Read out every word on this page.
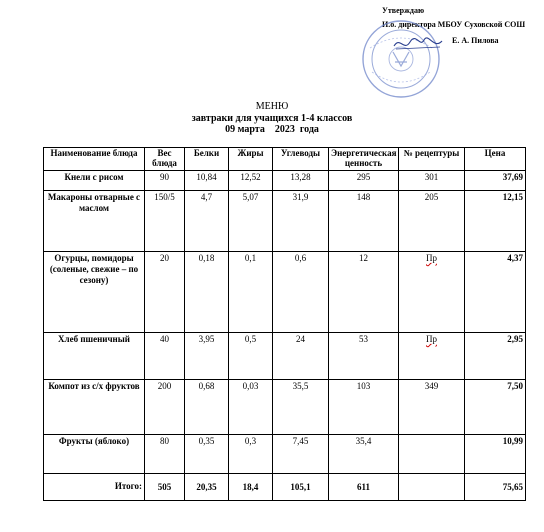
Утверждаю
И.о. директора МБОУ Суховской СОШ
Е. А. Пилова
МЕНЮ
завтраки для учащихся 1-4 классов
09 марта    2023  года
Наименование блюда	Вес блюда	Белки	Жиры	Углеводы	Энергетическая ценность	№ рецептуры	Цена
Кнели с рисом	90	10,84	12,52	13,28	295	301	37,69
Макароны отварные с маслом	150/5	4,7	5,07	31,9	148	205	12,15
Огурцы, помидоры (соленые, свежие – по сезону)	20	0,18	0,1	0,6	12	Пр	4,37
Хлеб пшеничный	40	3,95	0,5	24	53	Пр	2,95
Компот из с/х фруктов	200	0,68	0,03	35,5	103	349	7,50
Фрукты (яблоко)	80	0,35	0,3	7,45	35,4		10,99
Итого:	505	20,35	18,4	105,1	611		75,65
